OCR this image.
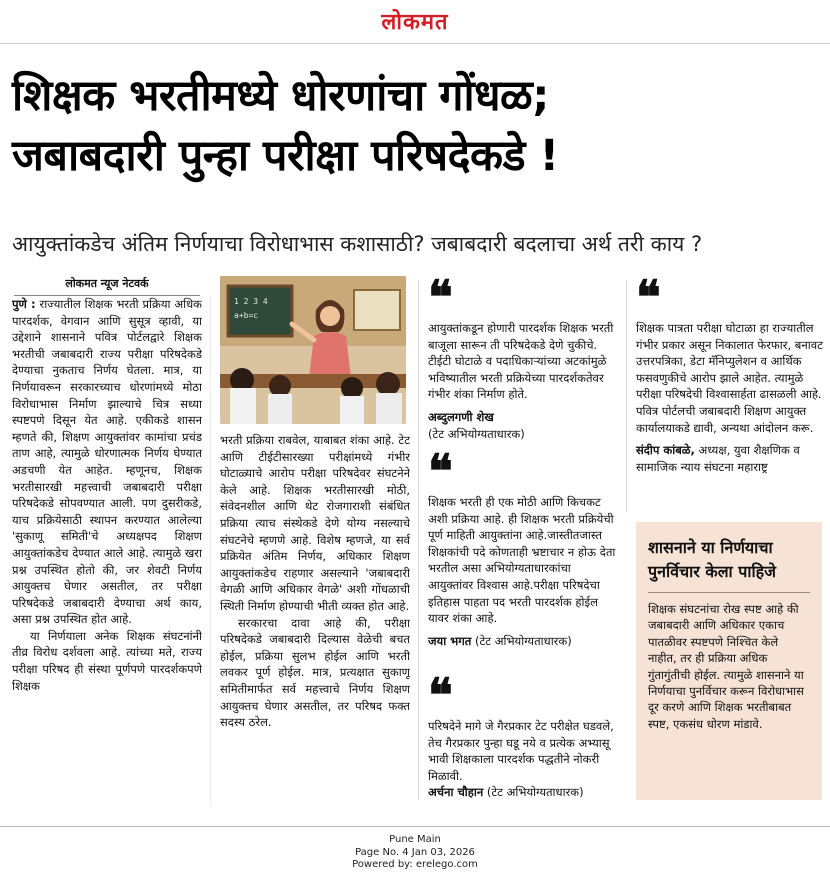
लोकमत
शिक्षक भरतीमध्ये धोरणांचा गोंधळ;
जबाबदारी पुन्हा परीक्षा परिषदेकडे !
आयुक्तांकडेच अंतिम निर्णयाचा विरोधाभास कशासाठी? जबाबदारी बदलाचा अर्थ तरी काय ?
लोकमत न्यूज नेटवर्क
पुणे : राज्यातील शिक्षक भरती प्रक्रिया अधिक पारदर्शक, वेगवान आणि सुसूत्र व्हावी, या उद्देशाने शासनाने पवित्र पोर्टलद्वारे शिक्षक भरतीची जबाबदारी राज्य परीक्षा परिषदेकडे देण्याचा नुकताच निर्णय घेतला. मात्र, या निर्णयावरून सरकारच्याच धोरणांमध्ये मोठा विरोधाभास निर्माण झाल्याचे चित्र सध्या स्पष्टपणे दिसून येत आहे. एकीकडे शासन म्हणते की, शिक्षण आयुक्तांवर कामांचा प्रचंड ताण आहे, त्यामुळे धोरणात्मक निर्णय घेण्यात अडचणी येत आहेत. म्हणूनच, शिक्षक भरतीसारखी महत्त्वाची जबाबदारी परीक्षा परिषदेकडे सोपवण्यात आली. पण दुसरीकडे, याच प्रक्रियेसाठी स्थापन करण्यात आलेल्या 'सुकाणू समिती'चे अध्यक्षपद शिक्षण आयुक्तांकडेच देण्यात आले आहे. त्यामुळे खरा प्रश्न उपस्थित होतो की, जर शेवटी निर्णय आयुक्तच घेणार असतील, तर परीक्षा परिषदेकडे जबाबदारी देण्याचा अर्थ काय, असा प्रश्न उपस्थित होत आहे.
या निर्णयाला अनेक शिक्षक संघटनांनी तीव्र विरोध दर्शवला आहे. त्यांच्या मते, राज्य परीक्षा परिषद ही संस्था पूर्णपणे पारदर्शकपणे शिक्षक
1 2 3 4
a+b=c
भरती प्रक्रिया राबवेल, याबाबत शंका आहे. टेट आणि टीईटीसारख्या परीक्षांमध्ये गंभीर घोटाळ्याचे आरोप परीक्षा परिषदेवर संघटनेने केले आहे. शिक्षक भरतीसारखी मोठी, संवेदनशील आणि थेट रोजगाराशी संबंधित प्रक्रिया त्याच संस्थेकडे देणे योग्य नसल्याचे संघटनेचे म्हणणे आहे. विशेष म्हणजे, या सर्व प्रक्रियेत अंतिम निर्णय, अधिकार शिक्षण आयुक्तांकडेच राहणार असल्याने 'जबाबदारी वेगळी आणि अधिकार वेगळे' अशी गोंधळाची स्थिती निर्माण होण्याची भीती व्यक्त होत आहे.
सरकारचा दावा आहे की, परीक्षा परिषदेकडे जबाबदारी दिल्यास वेळेची बचत होईल, प्रक्रिया सुलभ होईल आणि भरती लवकर पूर्ण होईल. मात्र, प्रत्यक्षात सुकाणू समितीमार्फत सर्व महत्त्वाचे निर्णय शिक्षण आयुक्तच घेणार असतील, तर परिषद फक्त सदस्य ठरेल.
❝
आयुक्तांकडून होणारी पारदर्शक शिक्षक भरती बाजूला सारून ती परिषदेकडे देणे चुकीचे. टीईटी घोटाळे व पदाधिकाऱ्यांच्या अटकांमुळे भविष्यातील भरती प्रक्रियेच्या पारदर्शकतेवर गंभीर शंका निर्माण होते.
अब्दुलगणी शेख
(टेट अभियोग्यताधारक)
❝
शिक्षक भरती ही एक मोठी आणि किचकट अशी प्रक्रिया आहे. ही शिक्षक भरती प्रक्रियेची पूर्ण माहिती आयुक्तांना आहे.जास्तीतजास्त शिक्षकांची पदे कोणताही भ्रष्टाचार न होऊ देता भरतील असा अभियोग्यताधारकांचा आयुक्तांवर विश्वास आहे.परीक्षा परिषदेचा इतिहास पाहता पद भरती पारदर्शक होईल यावर शंका आहे.
जया भगत (टेट अभियोग्यताधारक)
❝
परिषदेने मागे जे गैरप्रकार टेट परीक्षेत घडवले, तेच गैरप्रकार पुन्हा घडू नये व प्रत्येक अभ्यासू भावी शिक्षकाला पारदर्शक पद्धतीने नोकरी मिळावी.
अर्चना चौहान (टेट अभियोग्यताधारक)
❝
शिक्षक पात्रता परीक्षा घोटाळा हा राज्यातील गंभीर प्रकार असून निकालात फेरफार, बनावट उत्तरपत्रिका, डेटा मॅनिप्युलेशन व आर्थिक फसवणुकीचे आरोप झाले आहेत. त्यामुळे परीक्षा परिषदेची विश्वासार्हता ढासळली आहे. पवित्र पोर्टलची जबाबदारी शिक्षण आयुक्त कार्यालयाकडे द्यावी, अन्यथा आंदोलन करू.
संदीप कांबळे, अध्यक्ष, युवा शैक्षणिक व सामाजिक न्याय संघटना महाराष्ट्र
शासनाने या निर्णयाचा पुनर्विचार केला पाहिजे
शिक्षक संघटनांचा रोख स्पष्ट आहे की जबाबदारी आणि अधिकार एकाच पातळीवर स्पष्टपणे निश्चित केले नाहीत, तर ही प्रक्रिया अधिक गुंतागुंतीची होईल. त्यामुळे शासनाने या निर्णयाचा पुनर्विचार करून विरोधाभास दूर करणे आणि शिक्षक भरतीबाबत स्पष्ट, एकसंध धोरण मांडावे.
Pune Main
Page No. 4 Jan 03, 2026
Powered by: erelego.com
